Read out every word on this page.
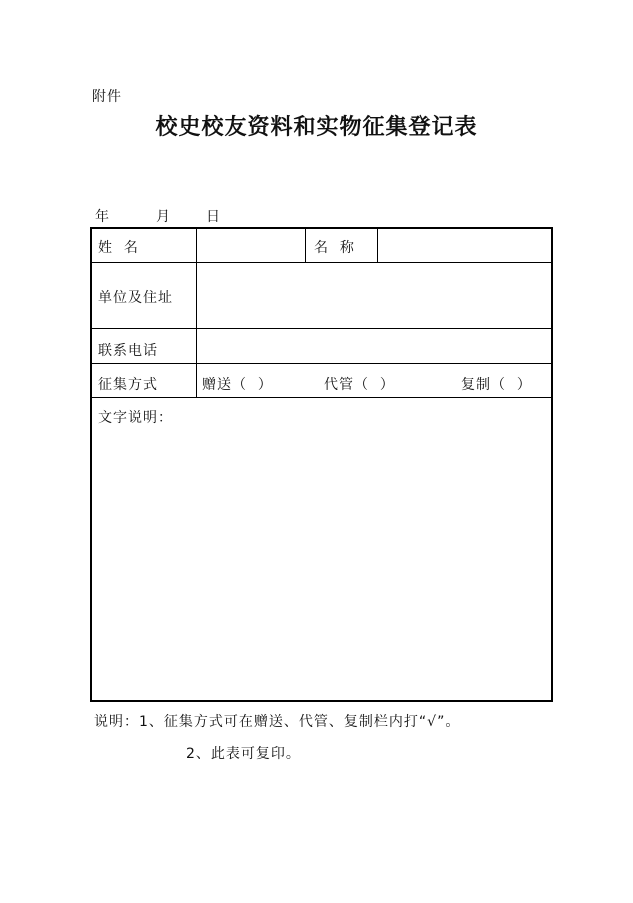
附件
校史校友资料和实物征集登记表
年	月	日
姓  名	名  称
单位及住址
联系电话
征集方式	赠送（  ）	代管（  ）	复制（  ）
文字说明：
说明：1、征集方式可在赠送、代管、复制栏内打“√”。
2、此表可复印。
